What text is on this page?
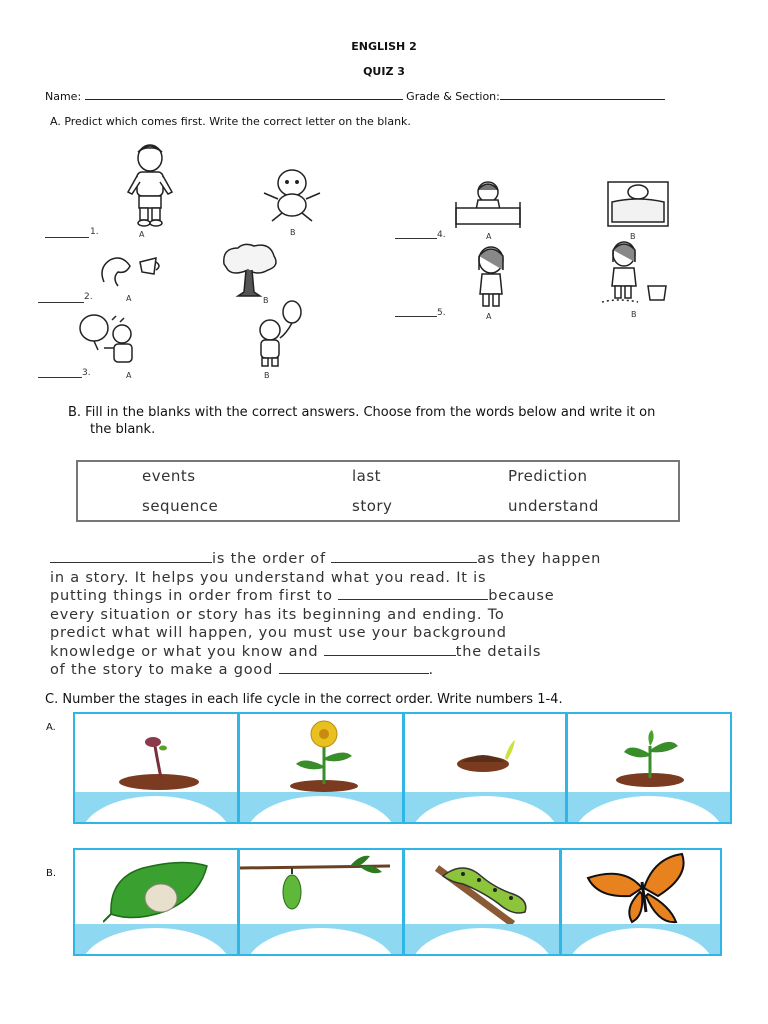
ENGLISH 2
QUIZ 3
Name:	Grade & Section:
A. Predict which comes first. Write the correct letter on the blank.
1.	A	B
2.	A	B
3.	A	B
4.	A	B
5.	A	B
B. Fill in the blanks with the correct answers. Choose from the words below and write it on
the blank.
events	last	Prediction
sequence	story	understand
is the order of	as they happen
in a story. It helps you understand what you read. It is
putting things in order from first to	because
every situation or story has its beginning and ending. To
predict what will happen, you must use your background
knowledge or what you know and	the details
of the story to make a good	.
C. Number the stages in each life cycle in the correct order. Write numbers 1-4.
A.
B.
